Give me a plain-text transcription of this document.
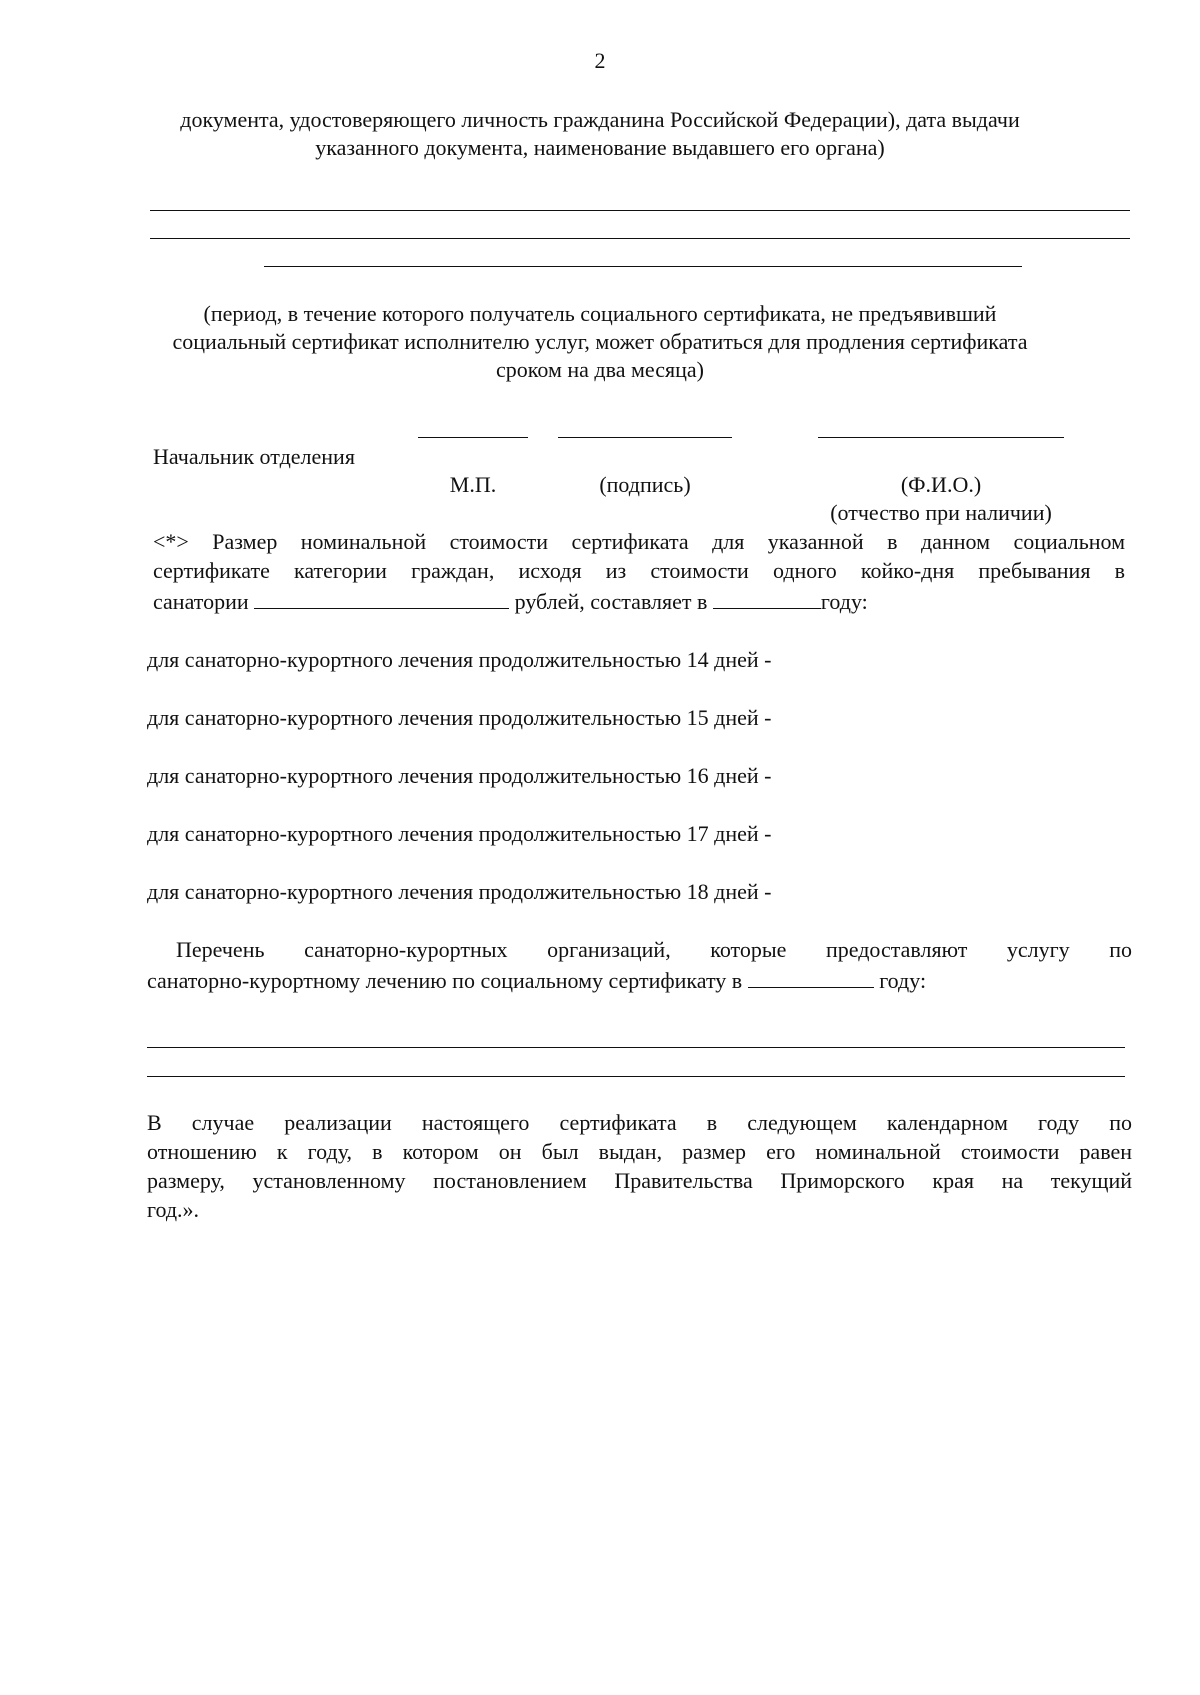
2
документа, удостоверяющего личность гражданина Российской Федерации), дата выдачи
указанного документа, наименование выдавшего его органа)
(период, в течение которого получатель социального сертификата, не предъявивший
социальный сертификат исполнителю услуг, может обратиться для продления сертификата
сроком на два месяца)
Начальник отделения
М.П.	(подпись)	(Ф.И.О.)
(отчество при наличии)
<*> Размер номинальной стоимости сертификата для указанной в данном социальном
сертификате категории граждан, исходя из стоимости одного койко-дня пребывания в
санатории	рублей, составляет в	году:
для санаторно-курортного лечения продолжительностью 14 дней -
для санаторно-курортного лечения продолжительностью 15 дней -
для санаторно-курортного лечения продолжительностью 16 дней -
для санаторно-курортного лечения продолжительностью 17 дней -
для санаторно-курортного лечения продолжительностью 18 дней -
Перечень санаторно-курортных организаций, которые предоставляют услугу по
санаторно-курортному лечению по социальному сертификату в	году:
В случае реализации настоящего сертификата в следующем календарном году по
отношению к году, в котором он был выдан, размер его номинальной стоимости равен
размеру, установленному постановлением Правительства Приморского края на текущий
год.».
